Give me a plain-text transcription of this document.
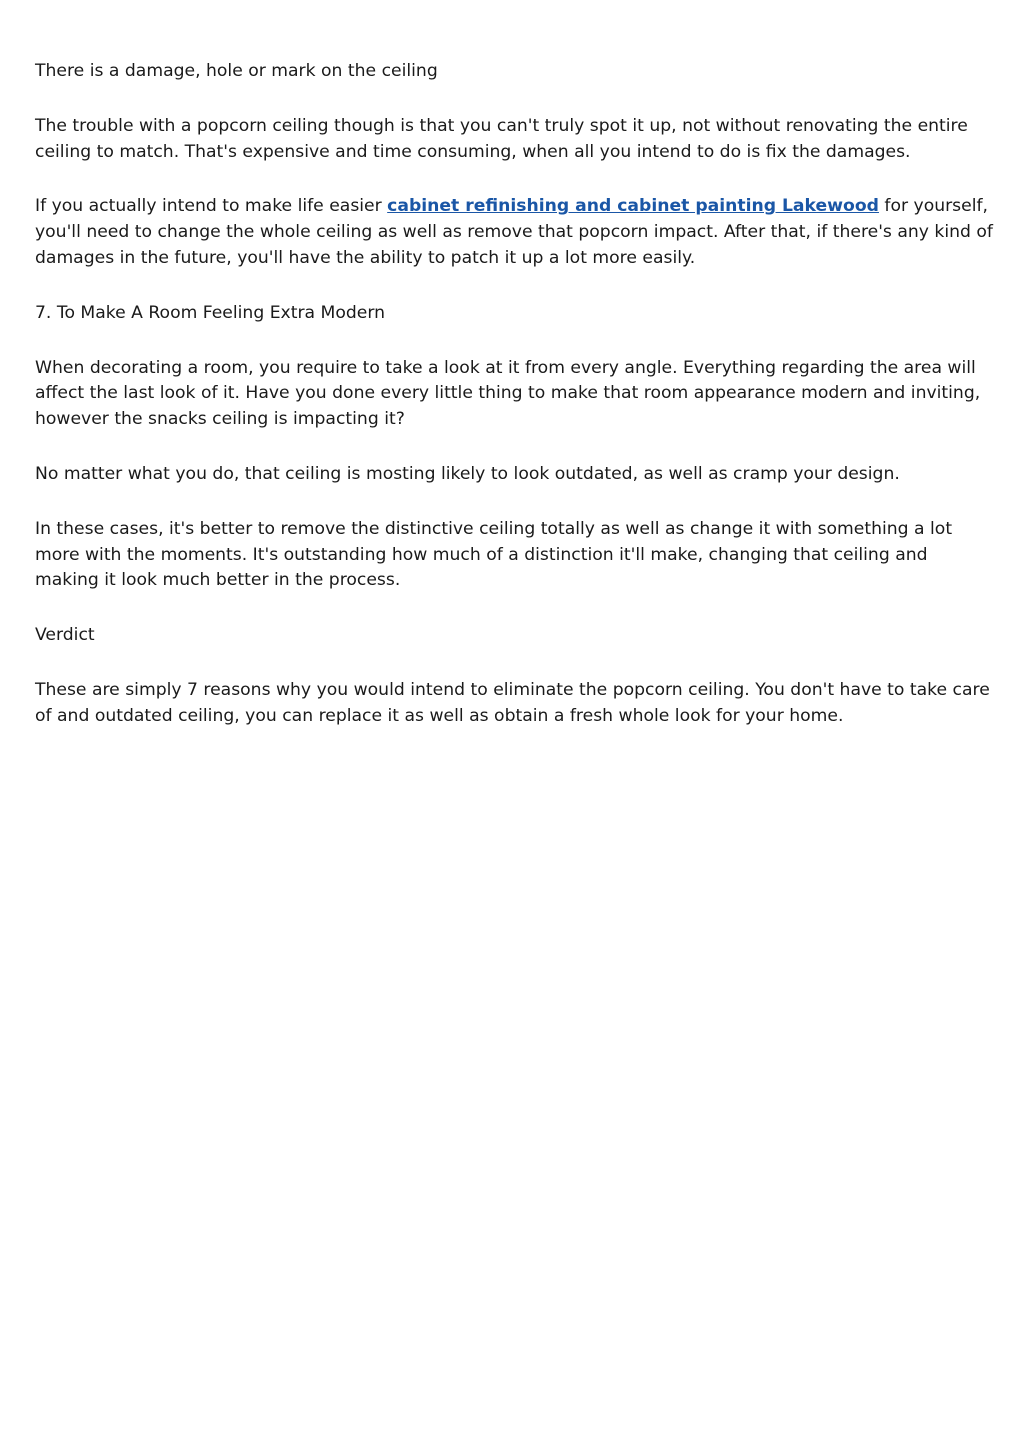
There is a damage, hole or mark on the ceiling

The trouble with a popcorn ceiling though is that you can't truly spot it up, not without renovating the entire ceiling to match. That's expensive and time consuming, when all you intend to do is fix the damages.

If you actually intend to make life easier cabinet refinishing and cabinet painting Lakewood for yourself, you'll need to change the whole ceiling as well as remove that popcorn impact. After that, if there's any kind of damages in the future, you'll have the ability to patch it up a lot more easily.

7. To Make A Room Feeling Extra Modern

When decorating a room, you require to take a look at it from every angle. Everything regarding the area will affect the last look of it. Have you done every little thing to make that room appearance modern and inviting, however the snacks ceiling is impacting it?

No matter what you do, that ceiling is mosting likely to look outdated, as well as cramp your design.

In these cases, it's better to remove the distinctive ceiling totally as well as change it with something a lot more with the moments. It's outstanding how much of a distinction it'll make, changing that ceiling and making it look much better in the process.

Verdict

These are simply 7 reasons why you would intend to eliminate the popcorn ceiling. You don't have to take care of and outdated ceiling, you can replace it as well as obtain a fresh whole look for your home.
